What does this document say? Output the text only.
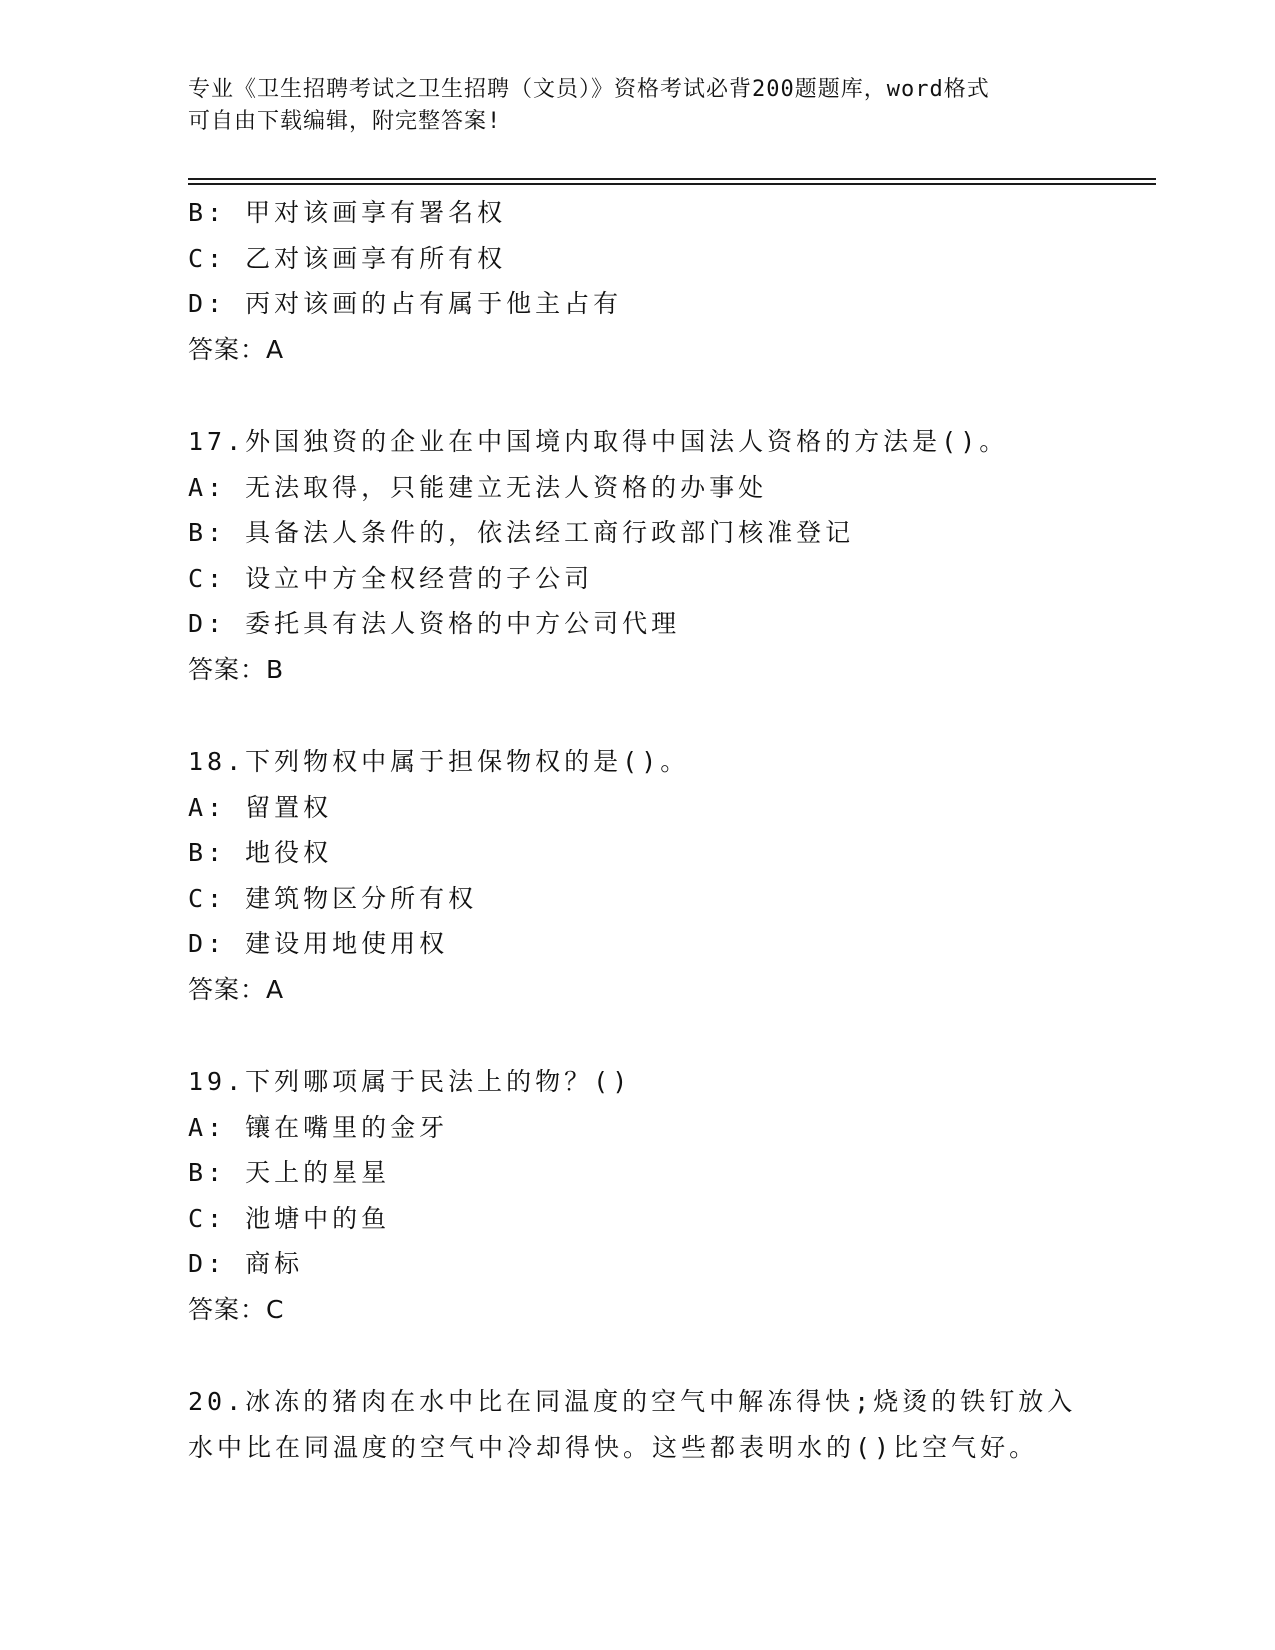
专业《卫生招聘考试之卫生招聘（文员）》资格考试必背200题题库，word格式
可自由下载编辑，附完整答案!
B: 甲对该画享有署名权
C: 乙对该画享有所有权
D: 丙对该画的占有属于他主占有
答案：A
17.外国独资的企业在中国境内取得中国法人资格的方法是()。
A: 无法取得，只能建立无法人资格的办事处
B: 具备法人条件的，依法经工商行政部门核准登记
C: 设立中方全权经营的子公司
D: 委托具有法人资格的中方公司代理
答案：B
18.下列物权中属于担保物权的是()。
A: 留置权
B: 地役权
C: 建筑物区分所有权
D: 建设用地使用权
答案：A
19.下列哪项属于民法上的物？()
A: 镶在嘴里的金牙
B: 天上的星星
C: 池塘中的鱼
D: 商标
答案：C
20.冰冻的猪肉在水中比在同温度的空气中解冻得快;烧烫的铁钉放入
水中比在同温度的空气中冷却得快。这些都表明水的()比空气好。
